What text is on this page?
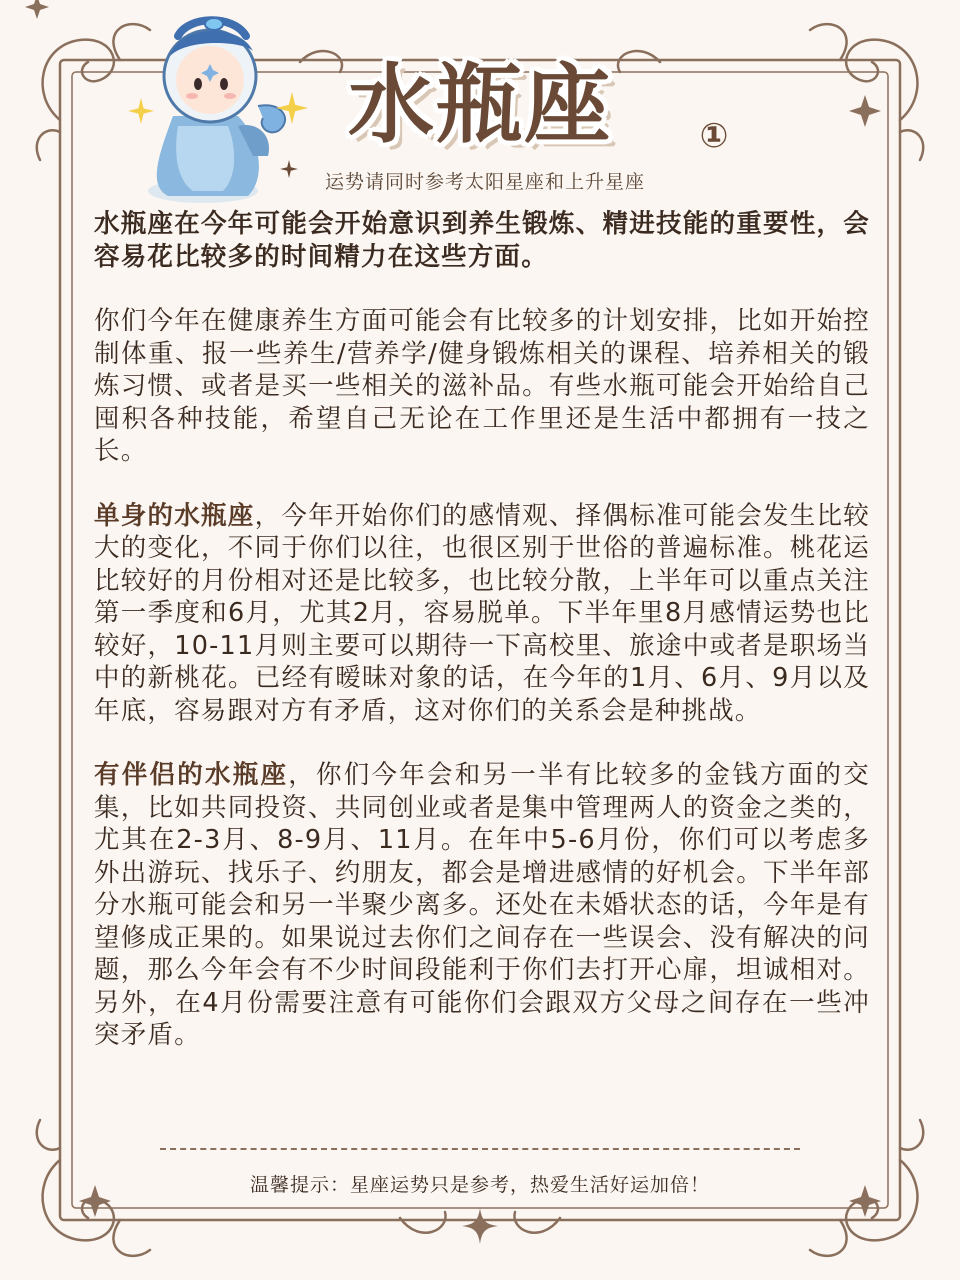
水瓶座	①
运势请同时参考太阳星座和上升星座

水瓶座在今年可能会开始意识到养生锻炼、精进技能的重要性，会容易花比较多的时间精力在这些方面。

你们今年在健康养生方面可能会有比较多的计划安排，比如开始控制体重、报一些养生/营养学/健身锻炼相关的课程、培养相关的锻炼习惯、或者是买一些相关的滋补品。有些水瓶可能会开始给自己囤积各种技能，希望自己无论在工作里还是生活中都拥有一技之长。

单身的水瓶座，今年开始你们的感情观、择偶标准可能会发生比较大的变化，不同于你们以往，也很区别于世俗的普遍标准。桃花运比较好的月份相对还是比较多，也比较分散，上半年可以重点关注第一季度和6月，尤其2月，容易脱单。下半年里8月感情运势也比较好，10-11月则主要可以期待一下高校里、旅途中或者是职场当中的新桃花。已经有暧昧对象的话，在今年的1月、6月、9月以及年底，容易跟对方有矛盾，这对你们的关系会是种挑战。

有伴侣的水瓶座，你们今年会和另一半有比较多的金钱方面的交集，比如共同投资、共同创业或者是集中管理两人的资金之类的，尤其在2-3月、8-9月、11月。在年中5-6月份，你们可以考虑多外出游玩、找乐子、约朋友，都会是增进感情的好机会。下半年部分水瓶可能会和另一半聚少离多。还处在未婚状态的话，今年是有望修成正果的。如果说过去你们之间存在一些误会、没有解决的问题，那么今年会有不少时间段能利于你们去打开心扉，坦诚相对。另外，在4月份需要注意有可能你们会跟双方父母之间存在一些冲突矛盾。

温馨提示：星座运势只是参考，热爱生活好运加倍！
